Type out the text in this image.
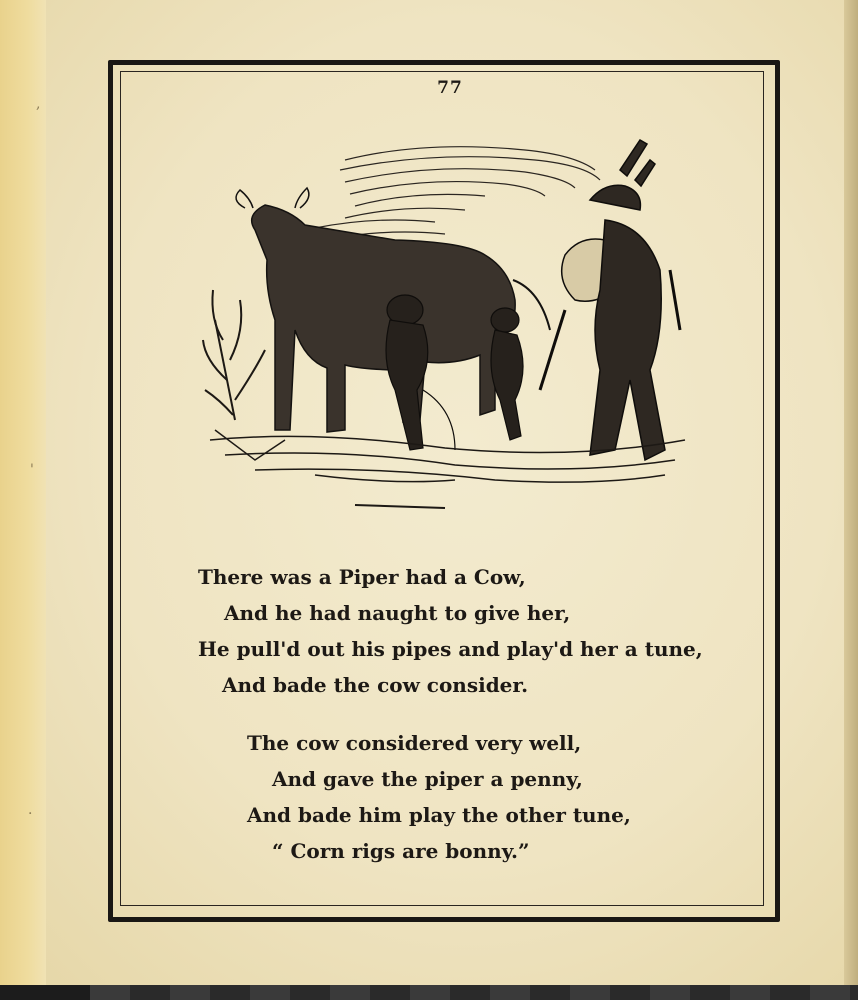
,
'
·
77
There was a Piper had a Cow,
And he had naught to give her,
He pull'd out his pipes and play'd her a tune,
And bade the cow consider.
The cow considered very well,
And gave the piper a penny,
And bade him play the other tune,
“ Corn rigs are bonny.”
